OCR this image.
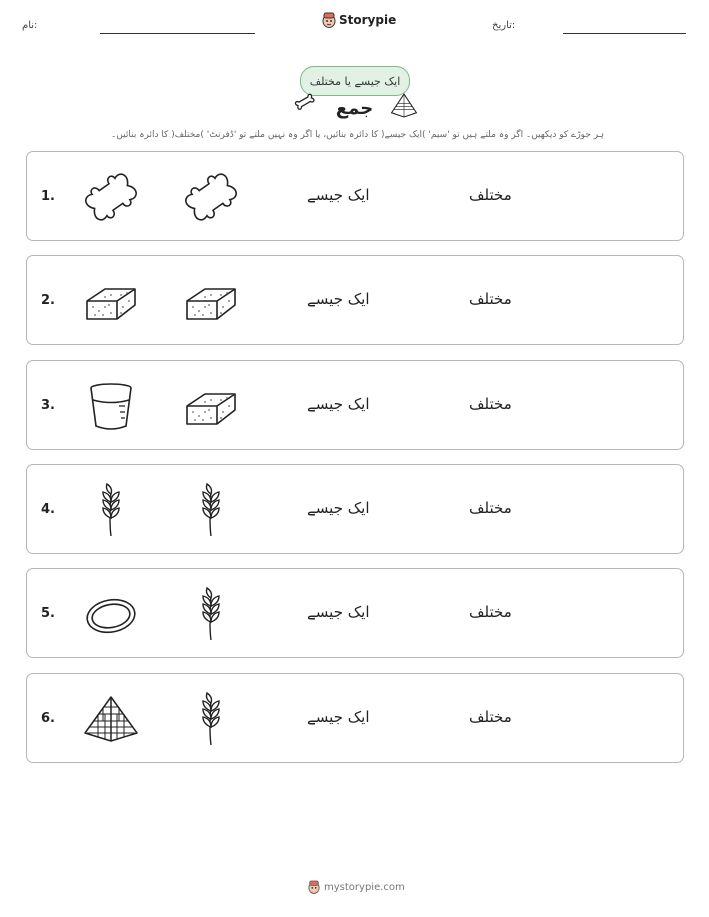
نام:	Storypie	تاریخ:
ایک جیسے یا مختلف
جمع
ہر جوڑے کو دیکھیں۔ اگر وہ ملتے ہیں تو 'سیم' )ایک جیسے( کا دائرہ بنائیں، یا اگر وہ نہیں ملتے تو 'ڈفرنٹ' )مختلف( کا دائرہ بنائیں۔
1.	ایک جیسے	مختلف
2.	ایک جیسے	مختلف
3.	ایک جیسے	مختلف
4.	ایک جیسے	مختلف
5.	ایک جیسے	مختلف
6.	ایک جیسے	مختلف
mystorypie.com
